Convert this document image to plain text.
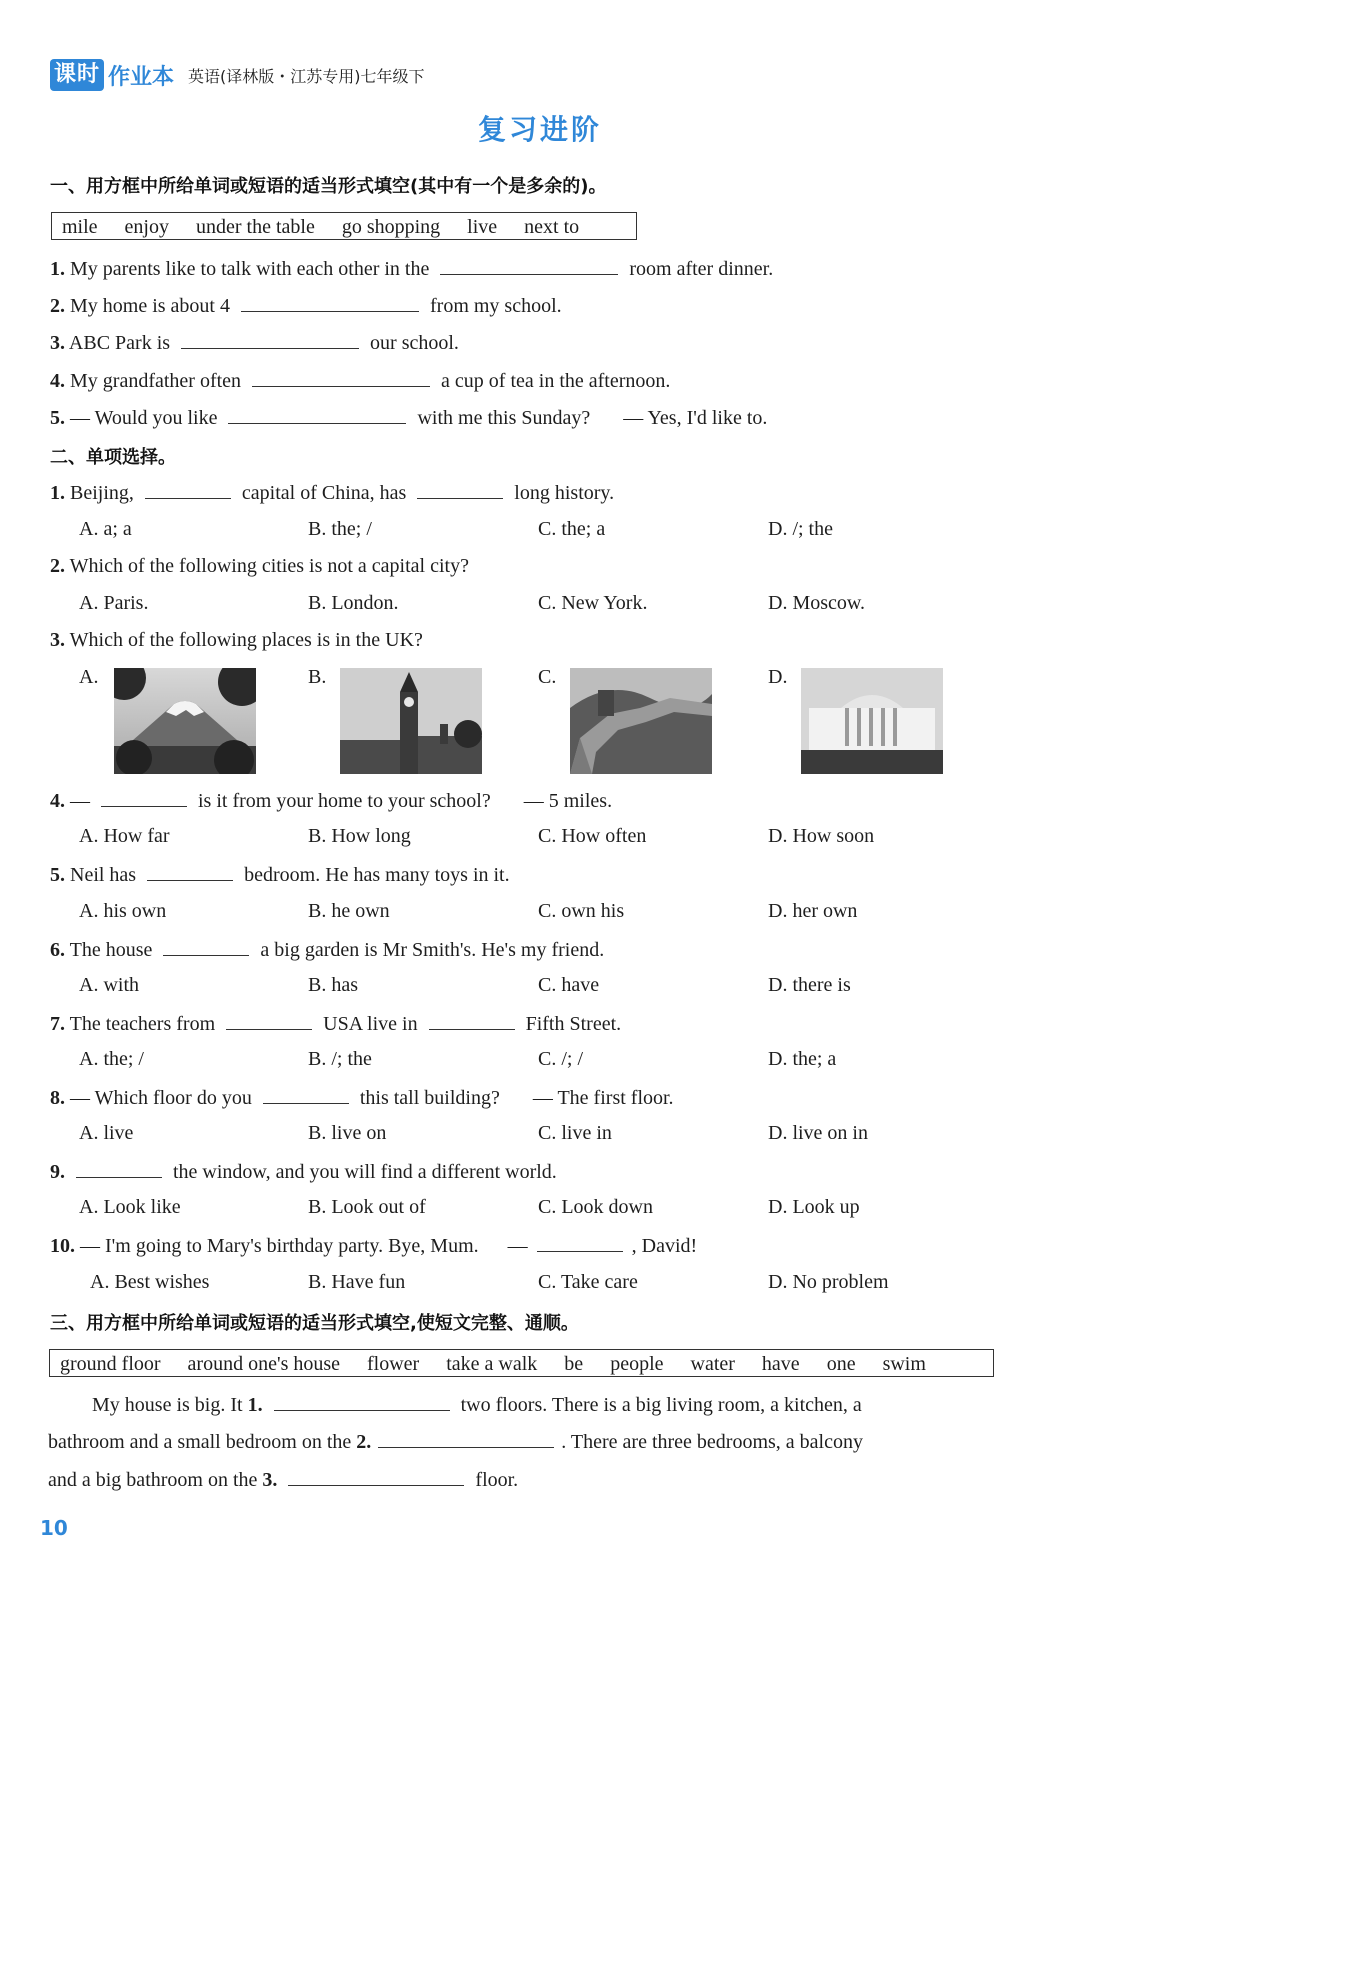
课时 作业本 英语(译林版・江苏专用)七年级下
复习进阶
一、用方框中所给单词或短语的适当形式填空(其中有一个是多余的)。
mile enjoy under the table go shopping live next to
1. My parents like to talk with each other in the	room after dinner.
2. My home is about 4	from my school.
3. ABC Park is	our school.
4. My grandfather often	a cup of tea in the afternoon.
5. — Would you like	with me this Sunday? — Yes, I'd like to.
二、单项选择。
1. Beijing,	capital of China, has	long history.
A. a; a	B. the; /	C. the; a	D. /; the
2. Which of the following cities is not a capital city?
A. Paris.	B. London.	C. New York.	D. Moscow.
3. Which of the following places is in the UK?
A.	B.	C.	D.
4. —	is it from your home to your school? — 5 miles.
A. How far	B. How long	C. How often	D. How soon
5. Neil has	bedroom. He has many toys in it.
A. his own	B. he own	C. own his	D. her own
6. The house	a big garden is Mr Smith's. He's my friend.
A. with	B. has	C. have	D. there is
7. The teachers from	USA live in	Fifth Street.
A. the; /	B. /; the	C. /; /	D. the; a
8. — Which floor do you	this tall building? — The first floor.
A. live	B. live on	C. live in	D. live on in
9.	the window, and you will find a different world.
A. Look like	B. Look out of	C. Look down	D. Look up
10. — I'm going to Mary's birthday party. Bye, Mum. —	, David!
A. Best wishes	B. Have fun	C. Take care	D. No problem
三、用方框中所给单词或短语的适当形式填空,使短文完整、通顺。
ground floor around one's house flower take a walk be people water have one swim
My house is big. It 1.	two floors. There is a big living room, a kitchen, a
bathroom and a small bedroom on the 2.	. There are three bedrooms, a balcony
and a big bathroom on the 3.	floor.
10
